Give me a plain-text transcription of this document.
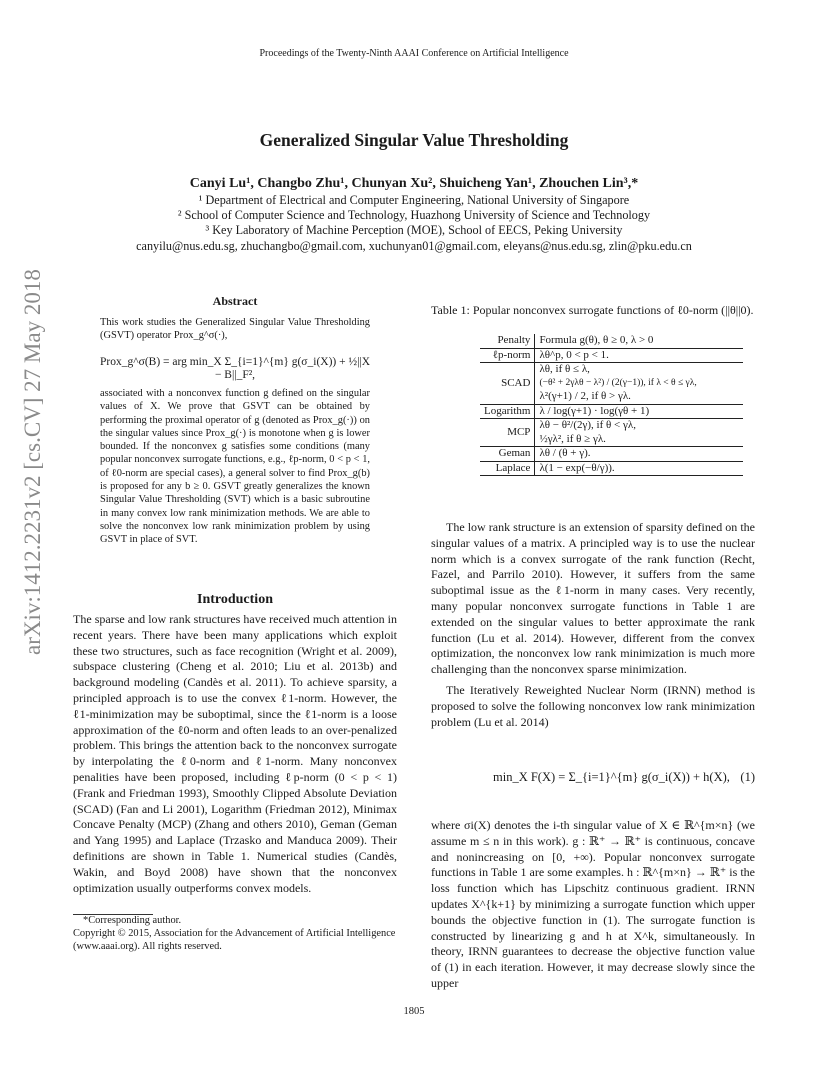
Proceedings of the Twenty-Ninth AAAI Conference on Artificial Intelligence
arXiv:1412.2231v2 [cs.CV] 27 May 2018
Generalized Singular Value Thresholding
Canyi Lu¹, Changbo Zhu¹, Chunyan Xu², Shuicheng Yan¹, Zhouchen Lin³,*
¹ Department of Electrical and Computer Engineering, National University of Singapore
² School of Computer Science and Technology, Huazhong University of Science and Technology
³ Key Laboratory of Machine Perception (MOE), School of EECS, Peking University
canyilu@nus.edu.sg, zhuchangbo@gmail.com, xuchunyan01@gmail.com, eleyans@nus.edu.sg, zlin@pku.edu.cn
Abstract
This work studies the Generalized Singular Value Thresholding (GSVT) operator Prox_g^σ(·),
Prox_g^σ(B) = arg min_X Σ_{i=1}^{m} g(σ_i(X)) + ½||X − B||_F²,
associated with a nonconvex function g defined on the singular values of X. We prove that GSVT can be obtained by performing the proximal operator of g (denoted as Prox_g(·)) on the singular values since Prox_g(·) is monotone when g is lower bounded. If the nonconvex g satisfies some conditions (many popular nonconvex surrogate functions, e.g., ℓp-norm, 0 < p < 1, of ℓ0-norm are special cases), a general solver to find Prox_g(b) is proposed for any b ≥ 0. GSVT greatly generalizes the known Singular Value Thresholding (SVT) which is a basic subroutine in many convex low rank minimization methods. We are able to solve the nonconvex low rank minimization problem by using GSVT in place of SVT.
Introduction
The sparse and low rank structures have received much attention in recent years. There have been many applications which exploit these two structures, such as face recognition (Wright et al. 2009), subspace clustering (Cheng et al. 2010; Liu et al. 2013b) and background modeling (Candès et al. 2011). To achieve sparsity, a principled approach is to use the convex ℓ1-norm. However, the ℓ1-minimization may be suboptimal, since the ℓ1-norm is a loose approximation of the ℓ0-norm and often leads to an over-penalized problem. This brings the attention back to the nonconvex surrogate by interpolating the ℓ0-norm and ℓ1-norm. Many nonconvex penalities have been proposed, including ℓp-norm (0 < p < 1) (Frank and Friedman 1993), Smoothly Clipped Absolute Deviation (SCAD) (Fan and Li 2001), Logarithm (Friedman 2012), Minimax Concave Penalty (MCP) (Zhang and others 2010), Geman (Geman and Yang 1995) and Laplace (Trzasko and Manduca 2009). Their definitions are shown in Table 1. Numerical studies (Candès, Wakin, and Boyd 2008) have shown that the nonconvex optimization usually outperforms convex models.
*Corresponding author.
Copyright © 2015, Association for the Advancement of Artificial Intelligence (www.aaai.org). All rights reserved.
Table 1: Popular nonconvex surrogate functions of ℓ0-norm (||θ||0).
Penalty	Formula g(θ), θ ≥ 0, λ > 0
ℓp-norm	λθ^p, 0 < p < 1.
SCAD	λθ, if θ ≤ λ,
	(−θ² + 2γλθ − λ²) / (2(γ−1)), if λ < θ ≤ γλ,
	λ²(γ+1) / 2, if θ > γλ.
Logarithm	λ / log(γ+1) · log(γθ + 1)
MCP	λθ − θ²/(2γ), if θ < γλ,
	½γλ², if θ ≥ γλ.
Geman	λθ / (θ + γ).
Laplace	λ(1 − exp(−θ/γ)).
The low rank structure is an extension of sparsity defined on the singular values of a matrix. A principled way is to use the nuclear norm which is a convex surrogate of the rank function (Recht, Fazel, and Parrilo 2010). However, it suffers from the same suboptimal issue as the ℓ1-norm in many cases. Very recently, many popular nonconvex surrogate functions in Table 1 are extended on the singular values to better approximate the rank function (Lu et al. 2014). However, different from the convex optimization, the nonconvex low rank minimization is much more challenging than the nonconvex sparse minimization.
The Iteratively Reweighted Nuclear Norm (IRNN) method is proposed to solve the following nonconvex low rank minimization problem (Lu et al. 2014)
min_X F(X) = Σ_{i=1}^{m} g(σ_i(X)) + h(X), (1)
where σi(X) denotes the i-th singular value of X ∈ ℝ^{m×n} (we assume m ≤ n in this work). g : ℝ⁺ → ℝ⁺ is continuous, concave and nonincreasing on [0, +∞). Popular nonconvex surrogate functions in Table 1 are some examples. h : ℝ^{m×n} → ℝ⁺ is the loss function which has Lipschitz continuous gradient. IRNN updates X^{k+1} by minimizing a surrogate function which upper bounds the objective function in (1). The surrogate function is constructed by linearizing g and h at X^k, simultaneously. In theory, IRNN guarantees to decrease the objective function value of (1) in each iteration. However, it may decrease slowly since the upper
1805
